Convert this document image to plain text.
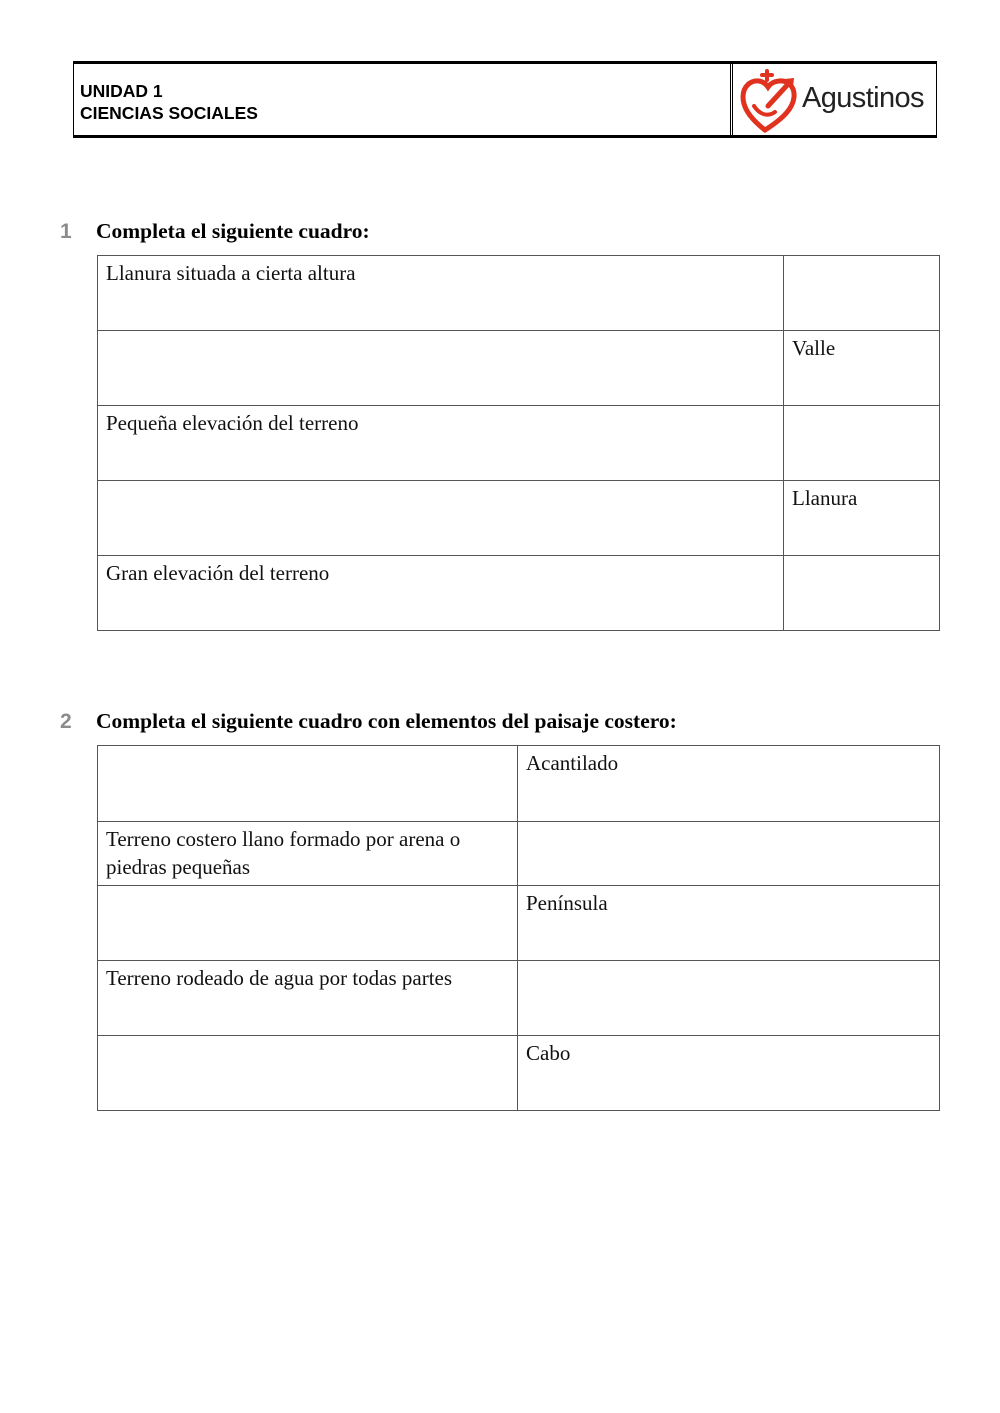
UNIDAD 1
CIENCIAS SOCIALES	Agustinos
1 Completa el siguiente cuadro:
Llanura situada a cierta altura	
	Valle
Pequeña elevación del terreno	
	Llanura
Gran elevación del terreno	
2 Completa el siguiente cuadro con elementos del paisaje costero:
	Acantilado
Terreno costero llano formado por arena o piedras pequeñas	
	Península
Terreno rodeado de agua por todas partes	
	Cabo
